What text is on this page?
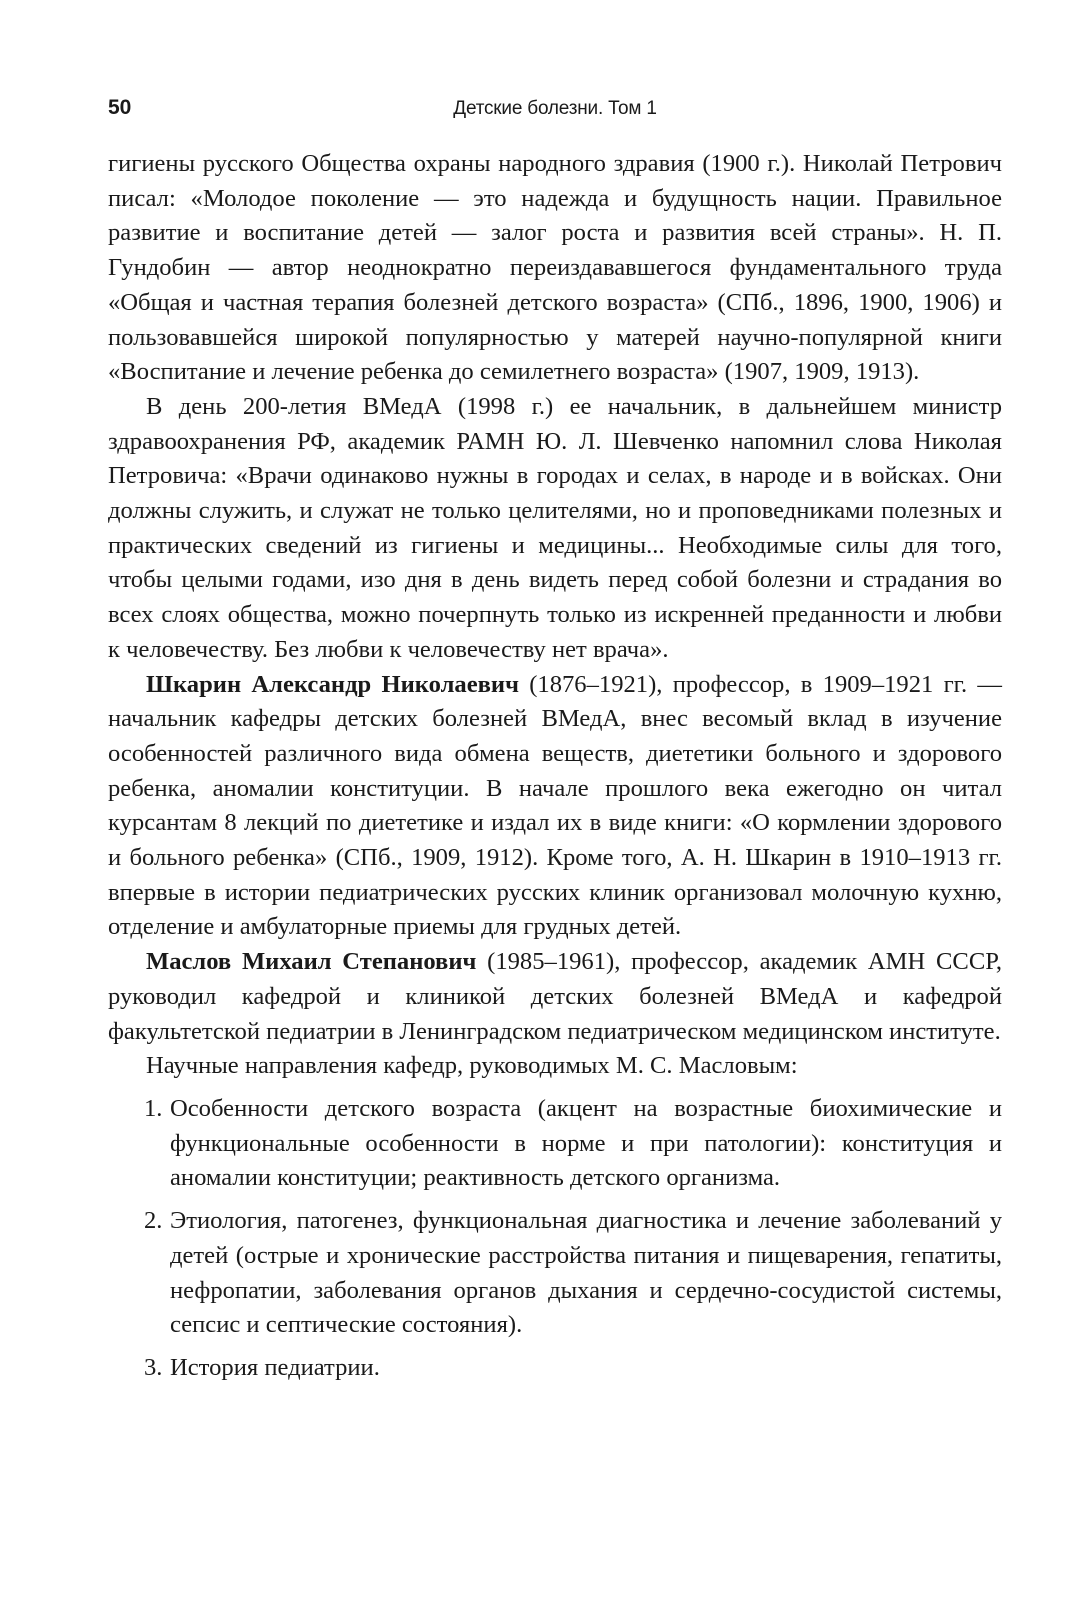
50	Детские болезни. Том 1

гигиены русского Общества охраны народного здравия (1900 г.). Николай Петрович писал: «Молодое поколение — это надежда и будущность нации. Правильное развитие и воспитание детей — залог роста и развития всей страны». Н. П. Гундобин — автор неоднократно переиздававшегося фундаментального труда «Общая и частная терапия болезней детского возраста» (СПб., 1896, 1900, 1906) и пользовавшейся широкой популярностью у матерей научно-популярной книги «Воспитание и лечение ребенка до семилетнего возраста» (1907, 1909, 1913).

В день 200-летия ВМедА (1998 г.) ее начальник, в дальнейшем министр здравоохранения РФ, академик РАМН Ю. Л. Шевченко напомнил слова Николая Петровича: «Врачи одинаково нужны в городах и селах, в народе и в войсках. Они должны служить, и служат не только целителями, но и проповедниками полезных и практических сведений из гигиены и медицины... Необходимые силы для того, чтобы целыми годами, изо дня в день видеть перед собой болезни и страдания во всех слоях общества, можно почерпнуть только из искренней преданности и любви к человечеству. Без любви к человечеству нет врача».

Шкарин Александр Николаевич (1876–1921), профессор, в 1909–1921 гг. — начальник кафедры детских болезней ВМедА, внес весомый вклад в изучение особенностей различного вида обмена веществ, диететики больного и здорового ребенка, аномалии конституции. В начале прошлого века ежегодно он читал курсантам 8 лекций по диететике и издал их в виде книги: «О кормлении здорового и больного ребенка» (СПб., 1909, 1912). Кроме того, А. Н. Шкарин в 1910–1913 гг. впервые в истории педиатрических русских клиник организовал молочную кухню, отделение и амбулаторные приемы для грудных детей.

Маслов Михаил Степанович (1985–1961), профессор, академик АМН СССР, руководил кафедрой и клиникой детских болезней ВМедА и кафедрой факультетской педиатрии в Ленинградском педиатрическом медицинском институте.

Научные направления кафедр, руководимых М. С. Масловым:

1. Особенности детского возраста (акцент на возрастные биохимические и функциональные особенности в норме и при патологии): конституция и аномалии конституции; реактивность детского организма.
2. Этиология, патогенез, функциональная диагностика и лечение заболеваний у детей (острые и хронические расстройства питания и пищеварения, гепатиты, нефропатии, заболевания органов дыхания и сердечно-сосудистой системы, сепсис и септические состояния).
3. История педиатрии.
